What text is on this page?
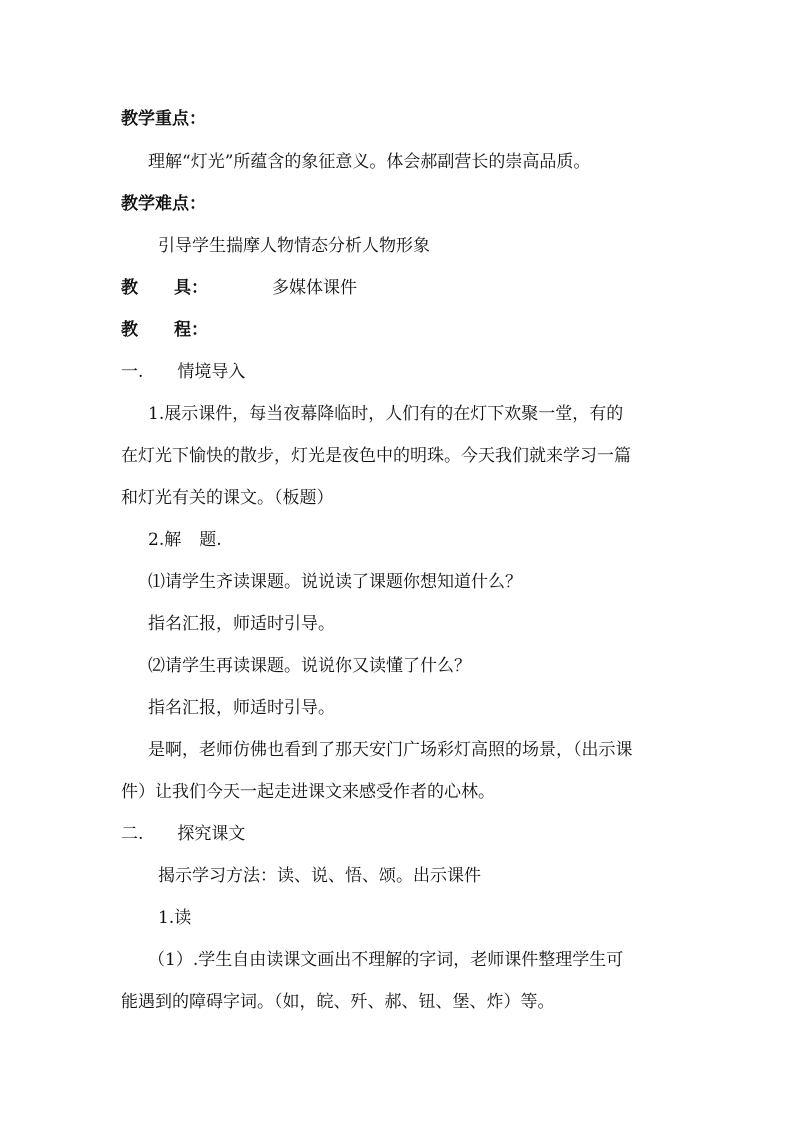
教学重点：
理解“灯光”所蕴含的象征意义。体会郝副营长的崇高品质。
教学难点：
引导学生揣摩人物情态分析人物形象
教 具：	多媒体课件
教 程：
一. 情境导入
1.展示课件，每当夜幕降临时，人们有的在灯下欢聚一堂，有的
在灯光下愉快的散步，灯光是夜色中的明珠。今天我们就来学习一篇
和灯光有关的课文。（板题）
2.解 题.
⑴请学生齐读课题。说说读了课题你想知道什么？
指名汇报，师适时引导。
⑵请学生再读课题。说说你又读懂了什么？
指名汇报，师适时引导。
是啊，老师仿佛也看到了那天安门广场彩灯高照的场景，（出示课
件）让我们今天一起走进课文来感受作者的心林。
二. 探究课文
揭示学习方法：读、说、悟、颂。出示课件
1.读
（1）.学生自由读课文画出不理解的字词，老师课件整理学生可
能遇到的障碍字词。（如，皖、歼、郝、钮、堡、炸）等。
